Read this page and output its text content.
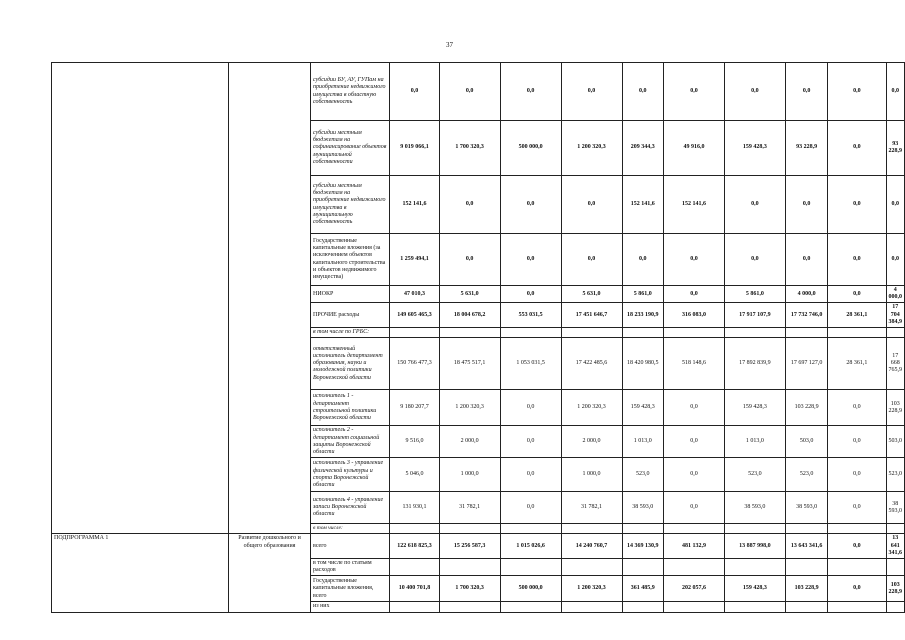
37
		субсидии БУ, АУ, ГУПам на приобретение недвижимого имущества в областную собственность	0,0	0,0	0,0	0,0	0,0	0,0	0,0	0,0	0,0	0,0
		субсидии местным бюджетам на софинансирование объектов муниципальной собственности	9 019 066,1	1 700 320,3	500 000,0	1 200 320,3	209 344,3	49 916,0	159 428,3	93 228,9	0,0	93 228,9
		субсидии местным бюджетам на приобретение недвижимого имущества в муниципальную собственность	152 141,6	0,0	0,0	0,0	152 141,6	152 141,6	0,0	0,0	0,0	0,0
		Государственные капитальные вложения (за исключением объектов капитального строительства и объектов недвижимого имущества)	1 259 494,1	0,0	0,0	0,0	0,0	0,0	0,0	0,0	0,0	0,0
		НИОКР	47 010,3	5 631,0	0,0	5 631,0	5 861,0	0,0	5 861,0	4 000,0	0,0	4 000,0
		ПРОЧИЕ расходы	149 605 465,3	18 004 678,2	553 031,5	17 451 646,7	18 233 190,9	316 083,0	17 917 107,9	17 732 746,0	28 361,1	17 704 384,9
		в том числе по ГРБС:										
		ответственный исполнитель департамент образования, науки и молодежной политики Воронежской области	150 766 477,3	18 475 517,1	1 053 031,5	17 422 485,6	18 420 980,5	518 148,6	17 892 839,9	17 697 127,0	28 361,1	17 668 765,9
		исполнитель 1 - департамент строительной политики Воронежской области	9 180 207,7	1 200 320,3	0,0	1 200 320,3	159 428,3	0,0	159 428,3	103 228,9	0,0	103 228,9
		исполнитель 2 - департамент социальной защиты Воронежской области	9 516,0	2 000,0	0,0	2 000,0	1 013,0	0,0	1 013,0	503,0	0,0	503,0
		исполнитель 3 - управление физической культуры и спорта Воронежской области	5 046,0	1 000,0	0,0	1 000,0	523,0	0,0	523,0	523,0	0,0	523,0
		исполнитель 4 - управление записи Воронежской области	131 930,1	31 782,1	0,0	31 782,1	38 593,0	0,0	38 593,0	38 593,0	0,0	38 593,0
		в том числе:										
ПОДПРОГРАММА 1	Развитие дошкольного и общего образования	всего	122 618 825,3	15 256 587,3	1 015 026,6	14 240 760,7	14 369 130,9	481 132,9	13 887 998,0	13 643 341,6	0,0	13 641 341,6
		в том числе по статьям расходов										
		Государственные капитальные вложения, всего	10 400 701,8	1 700 320,3	500 000,0	1 200 320,3	361 485,9	202 057,6	159 428,3	103 228,9	0,0	103 228,9
		из них										
